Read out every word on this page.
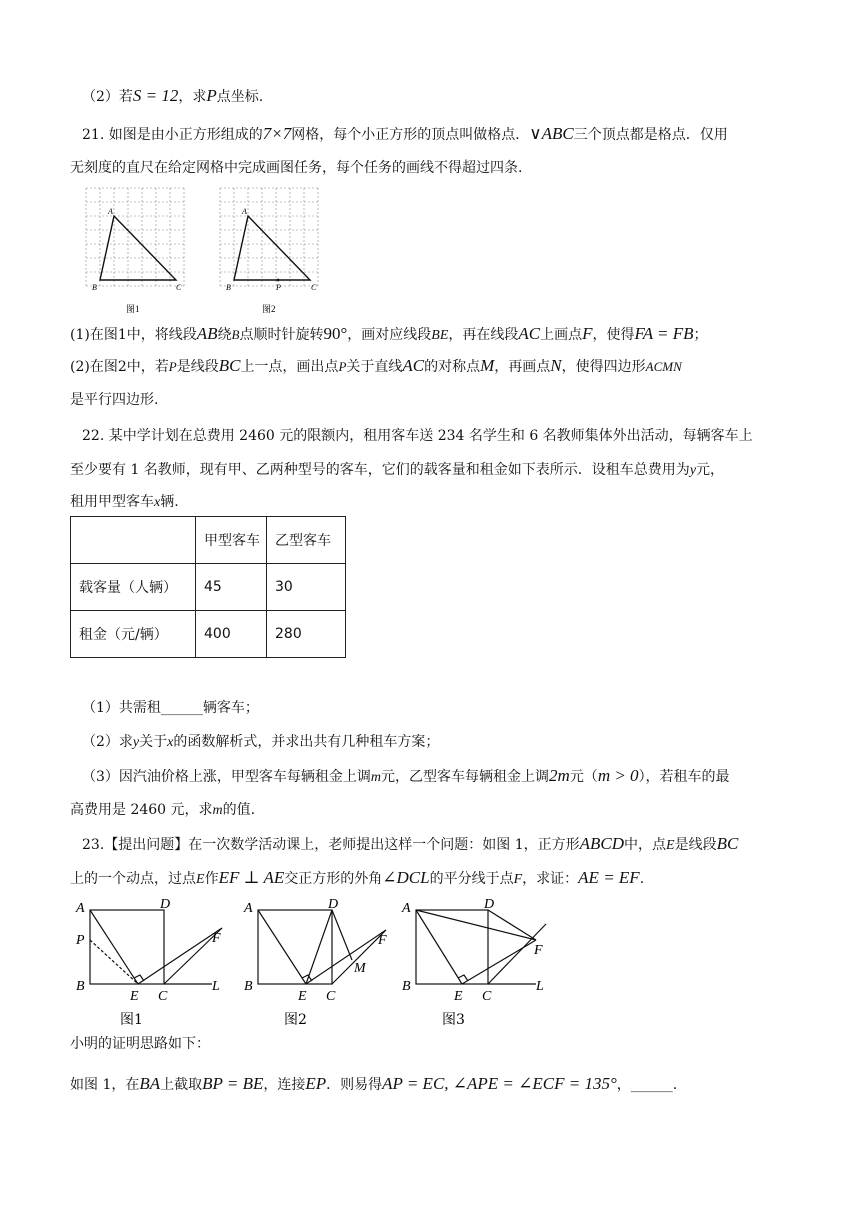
（2）若S = 12，求P点坐标.
21. 如图是由小正方形组成的7×7网格，每个小正方形的顶点叫做格点．∨ABC三个顶点都是格点．仅用
无刻度的直尺在给定网格中完成画图任务，每个任务的画线不得超过四条.
A
B	C
图1
A
B	P	C
图2
(1)在图1中，将线段AB绕B点顺时针旋转90°，画对应线段BE，再在线段AC上画点F，使得FA = FB；
(2)在图2中，若P是线段BC上一点，画出点P关于直线AC的对称点M，再画点N，使得四边形ACMN
是平行四边形.
22. 某中学计划在总费用 2460 元的限额内，租用客车送 234 名学生和 6 名教师集体外出活动，每辆客车上
至少要有 1 名教师，现有甲、乙两种型号的客车，它们的载客量和租金如下表所示．设租车总费用为y元，
租用甲型客车x辆.
	甲型客车	乙型客车
载客量（人辆）	45	30
租金（元/辆）	400	280
（1）共需租______辆客车；
（2）求y关于x的函数解析式，并求出共有几种租车方案；
（3）因汽油价格上涨，甲型客车每辆租金上调m元，乙型客车每辆租金上调2m元（m > 0），若租车的最
高费用是 2460 元，求m的值.
23.【提出问题】在一次数学活动课上，老师提出这样一个问题：如图 1，正方形ABCD中，点E是线段BC
上的一个动点，过点E作EF ⊥ AE交正方形的外角∠DCL的平分线于点F，求证：AE = EF.
A	D
P	F
B
E C
L
图1
A	D
F
M
B
E C
图2
A	D
F
B
E C
L
图3
小明的证明思路如下：
如图 1，在BA上截取BP = BE，连接EP．则易得AP = EC, ∠APE = ∠ECF = 135°，______.
